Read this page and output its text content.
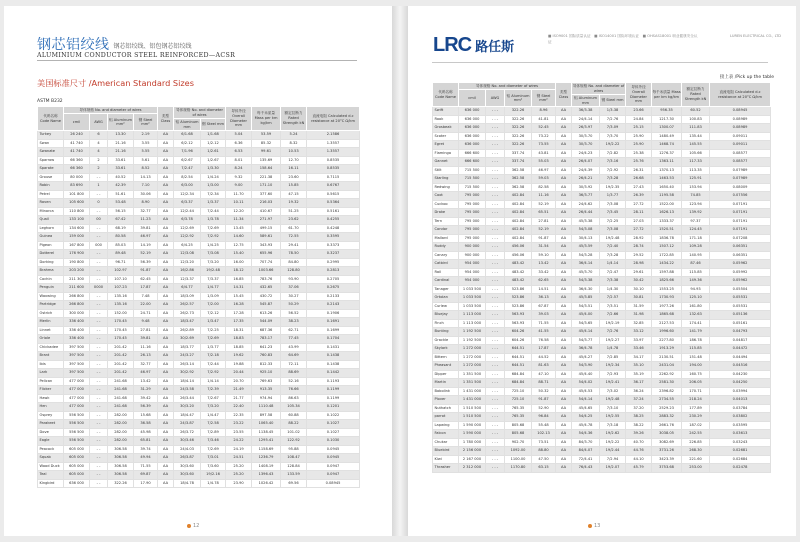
钢芯铝绞线 钢芯铝绞线、铝包钢芯铝绞线
ALUMINIUM CONDUCTOR STEEL REINFORCED—ACSR
美国标准尺寸 /American Standard Sizes
ASTM B232
代码名称 Code Name	导体规格 No. and diameter of wires				类型 Class	导体规格 No. and diameter of wires		导体外径 Overall Diameter mm	每千米质量 Mass per km kg/km	额定拉断力 Rated Strength kN	直流电阻 Calculated d.c resistance at 20°C Ω/km
	cmil	AWG	铝 Aluminum mm²	钢 Steel mm²							
						铝 Aluminum mm	钢 Steel mm				
Turkey	26 240	6	13.30	2.19	AA	6/1.68	1/1.68	5.04	53.59	5.24	2.1586
Swan	41 740	4	21.16	3.55	AA	6/2.12	1/2.12	6.36	85.32	8.32	1.3557
Swanate	41 740	4	21.16	5.55	AA	7/1.96	1/2.61	6.53	99.61	10.53	1.3557
Sparrow	66 360	2	33.61	5.61	AA	6/2.67	1/2.67	8.01	135.69	12.70	0.8535
Sparate	66 360	2	33.61	8.52	AA	7/2.47	1/3.30	8.24	158.64	16.11	0.8535
Grouse	80 000	- -	40.52	14.13	AA	8/2.54	1/4.24	9.32	221.38	23.60	0.7115
Robin	83 690	1	42.39	7.10	AA	6/3.00	1/3.00	9.00	171.10	15.85	0.6767
Petrel	101 800	- -	51.61	30.06	AA	12/2.34	7/2.34	11.70	377.60	47.15	0.5615
Raven	105 600	0	53.48	8.90	AA	6/3.37	1/3.37	10.11	216.03	19.32	0.5364
Minorca	110 800	- -	56.15	32.77	AA	12/2.44	7/2.44	12.20	410.67	51.25	0.5161
Quail	133 100	00	67.42	11.23	AA	6/3.78	1/3.78	11.34	271.97	23.62	0.4255
Leghorn	134 600	- -	68.19	39.81	AA	12/2.69	7/2.69	13.45	499.15	61.70	0.4248
Guinea	159 000	- -	80.58	46.97	AA	12/2.92	7/2.92	14.60	589.61	72.55	0.3595
Pigeon	167 800	000	85.03	14.19	AA	6/4.25	1/4.25	12.75	343.93	29.41	0.3373
Dotterel	176 900	- -	89.48	52.19	AA	12/3.08	7/3.08	15.40	655.96	78.50	0.3237
Dorking	190 800	- -	96.71	56.39	AA	12/3.20	7/3.20	16.00	707.74	84.80	0.2995
Brahma	203 200	- -	102.97	91.87	AA	16/2.86	19/2.48	18.12	1003.66	128.80	0.2813
Cochin	211 300	- -	107.10	62.45	AA	12/3.37	7/3.37	16.85	783.76	93.90	0.2705
Penguin	211 600	0000	107.23	17.87	AA	6/4.77	1/4.77	14.31	432.65	37.06	0.2675
Waxwing	266 800	- -	135.16	7.48	AA	18/3.09	1/3.09	15.45	430.72	30.27	0.2133
Partridge	266 800	- -	135.16	22.00	AA	26/2.57	7/2.00	16.28	545.87	50.29	0.2143
Ostrich	300 000	- -	152.00	24.71	AA	26/2.73	7/2.12	17.28	613.26	56.52	0.1906
Merlin	336 400	- -	170.45	9.48	AA	18/3.47	1/3.47	17.35	544.09	38.23	0.1691
Linnet	336 400	- -	170.45	27.81	AA	26/2.89	7/2.25	18.31	687.36	62.71	0.1699
Oriole	336 400	- -	170.45	39.81	AA	30/2.69	7/2.69	18.83	783.17	77.45	0.1704
Chickadee	397 500	- -	201.42	11.16	AA	18/3.77	1/3.77	18.85	641.23	43.99	0.1431
Brant	397 500	- -	201.42	26.13	AA	24/3.27	7/2.18	19.62	760.83	64.69	0.1438
Ibis	397 500	- -	201.42	32.77	AA	26/3.14	7/2.44	19.88	812.33	72.11	0.1438
Lark	397 500	- -	201.42	46.97	AA	30/2.92	7/2.92	20.44	925.10	88.69	0.1442
Pelican	477 000	- -	241.68	13.42	AA	18/4.14	1/4.14	20.70	769.63	52.16	0.1193
Flicker	477 000	- -	241.68	31.29	AA	24/3.58	7/2.39	21.49	913.35	76.66	0.1199
Hawk	477 000	- -	241.68	39.42	AA	26/3.44	7/2.67	21.77	974.94	86.63	0.1199
Hen	477 000	- -	241.68	56.39	AA	30/3.20	7/3.20	22.40	1110.48	105.34	0.1201
Osprey	556 500	- -	282.00	15.68	AA	18/4.47	1/4.47	22.35	897.58	60.88	0.1022
Parakeet	556 500	- -	282.00	36.58	AA	24/3.87	7/2.58	23.22	1065.40	88.22	0.1027
Dove	556 500	- -	282.00	45.98	AA	26/3.72	7/2.89	23.55	1138.45	101.02	0.1027
Eagle	556 500	- -	282.00	65.81	AA	30/3.46	7/3.46	24.22	1295.41	122.92	0.1030
Peacock	605 000	- -	306.58	39.74	AA	24/4.03	7/2.69	24.19	1158.69	95.88	0.0945
Squab	605 000	- -	306.58	49.94	AA	26/3.87	7/3.01	24.51	1236.79	108.47	0.0945
Wood Duck	605 000	- -	306.58	71.55	AA	30/3.60	7/3.60	25.20	1408.19	128.84	0.0947
Teal	605 000	- -	306.58	69.87	AA	30/3.60	19/2.16	25.20	1396.43	133.59	0.0947
Kingbird	636 000	- -	322.26	17.90	AA	18/4.78	1/4.78	23.90	1026.42	69.56	0.08945
12
LRC 路任斯
■ ISO9001 国际质量认证　■ ISO14001 国际环境认证　■ OHSAS18001 职业健康安全认证
LUREN ELECTRICAL CO., LTD
接上表 /Pick up the table
代码名称 Code Name	导体规格 No. and diameter of wires				类型 Class	导体规格 No. and diameter of wires		导体外径 Overall Diameter mm	每千米质量 Mass per km kg/km	额定拉断力 Rated Strength kN	直流电阻 Calculated d.c resistance at 20°C Ω/km
	cmil	AWG	铝 Aluminum mm²	钢 Steel mm²							
						铝 Aluminum mm	钢 Steel mm				
Swift	636 000	- - -	322.26	8.96	AA	36/3.38	1/3.38	23.66	956.35	60.52	0.08945
Rook	636 000	- - -	322.26	41.81	AA	24/4.14	7/2.76	24.84	1217.30	100.83	0.08989
Grosbeak	636 000	- - -	322.26	52.45	AA	26/3.97	7/3.09	25.15	1300.07	111.83	0.08989
Scoter	636 000	- - -	322.26	73.22	AA	30/3.70	7/3.70	25.90	1480.49	135.44	0.09011
Egret	636 000	- - -	322.26	73.55	AA	30/3.70	19/2.22	25.90	1468.74	145.55	0.09011
Flamingo	666 600	- - -	337.74	43.81	AA	24/4.23	7/2.82	25.38	1276.37	105.66	0.08577
Gannet	666 600	- - -	337.74	55.03	AA	26/4.07	7/3.16	25.76	1363.11	117.33	0.08577
Stilt	715 500	- - -	362.58	46.97	AA	24/4.39	7/2.92	26.31	1370.13	113.35	0.07989
Starling	715 500	- - -	362.58	59.03	AA	26/4.21	7/3.28	26.68	1463.53	125.91	0.07989
Redwing	715 500	- - -	362.58	82.58	AA	30/3.92	19/2.35	27.43	1650.40	153.94	0.08009
Coot	795 000	- - -	402.84	11.16	AA	36/3.77	1/3.77	26.39	1195.58	74.85	0.07556
Cuckoo	795 000	- - -	402.84	52.19	AA	24/4.62	7/3.08	27.72	1522.00	123.94	0.07191
Drake	795 000	- - -	402.84	65.51	AA	26/4.44	7/3.45	28.11	1626.13	139.92	0.07191
Tern	795 000	- - -	402.84	27.81	AA	45/3.38	7/2.25	27.03	1333.37	97.37	0.07191
Condor	795 000	- - -	402.84	52.19	AA	54/3.08	7/3.08	27.72	1520.51	124.45	0.07191
Mallard	795 000	- - -	402.84	91.87	AA	30/4.13	19/2.48	28.92	1836.78	171.18	0.07208
Ruddy	900 000	- - -	456.06	31.54	AA	45/3.59	7/2.40	28.74	1507.12	109.28	0.06351
Canary	900 000	- - -	456.06	59.10	AA	54/3.28	7/3.28	29.52	1722.85	140.95	0.06351
Catbird	954 000	- - -	483.42	13.42	AA	36/4.14	1/4.14	28.98	1434.22	87.46	0.05962
Rail	954 000	- - -	483.42	33.42	AA	45/3.70	7/2.47	29.61	1597.88	115.85	0.05992
Cardinal	954 000	- - -	483.42	62.65	AA	54/3.38	7/3.38	30.42	1825.66	149.36	0.05962
Tanager	1 033 500	- - -	523.86	14.51	AA	36/4.30	1/4.30	30.10	1553.25	94.93	0.05504
Ortolan	1 033 500	- - -	523.86	36.13	AA	45/3.85	7/2.57	30.81	1730.93	125.10	0.05531
Curlew	1 033 500	- - -	523.86	67.87	AA	54/3.51	7/3.51	31.59	1977.26	161.80	0.05531
Bluejay	1 113 000	- - -	563.93	39.03	AA	45/4.00	7/2.66	31.98	1865.68	132.63	0.05136
Finch	1 113 000	- - -	563.93	71.55	AA	54/3.65	19/2.19	32.85	2127.53	174.41	0.05161
Bunting	1 192 500	- - -	604.26	41.55	AA	45/4.14	7/2.76	33.12	1996.60	141.79	0.04793
Grackle	1 192 500	- - -	604.26	76.58	AA	54/3.77	19/2.27	33.97	2277.80	186.78	0.04817
Skylark	1 272 000	- - -	644.51	17.87	AA	36/4.78	1/4.78	33.46	1913.29	115.85	0.04472
Bittern	1 272 000	- - -	644.51	44.52	AA	45/4.27	7/2.85	34.17	2130.51	151.48	0.04494
Pheasant	1 272 000	- - -	644.51	81.63	AA	54/3.90	19/2.34	35.10	2431.04	194.00	0.04516
Dipper	1 351 500	- - -	684.84	47.10	AA	45/4.40	7/2.93	35.19	2262.92	160.75	0.04230
Martin	1 351 500	- - -	684.84	88.71	AA	54/4.02	19/2.41	36.17	2581.30	206.05	0.04250
Bobolink	1 431 000	- - -	725.10	50.32	AA	45/4.53	7/3.02	36.24	2396.82	170.71	0.03994
Plover	1 431 000	- - -	725.10	91.87	AA	54/4.14	19/2.48	37.24	2734.55	218.24	0.04013
Nuthatch	1 510 500	- - -	765.35	52.90	AA	45/4.65	7/3.10	37.20	2529.23	177.89	0.03784
parrot	1 510 500	- - -	765.35	96.84	AA	54/4.25	19/2.55	38.25	2883.32	230.29	0.03802
Lapwing	1 590 000	- - -	805.68	55.48	AA	45/4.78	7/3.18	38.22	2661.76	187.02	0.03595
Falcon	1 590 000	- - -	805.68	102.13	AA	54/4.36	19/2.62	39.26	3038.05	242.55	0.03613
Chukar	1 780 000	- - -	902.70	73.51	AA	84/3.70	19/2.22	40.70	3082.69	226.85	0.03243
Bluebird	2 156 000	- - -	1092.00	88.80	AA	84/4.07	19/2.44	44.76	3731.26	268.30	0.02681
Kiwi	2 167 000	- - -	1100.00	47.50	AA	72/4.41	7/2.94	44.10	3423.39	221.60	0.02684
Thrasher	2 312 000	- - -	1170.80	63.15	AA	76/4.43	19/2.07	45.79	3753.68	253.00	0.02478
13
